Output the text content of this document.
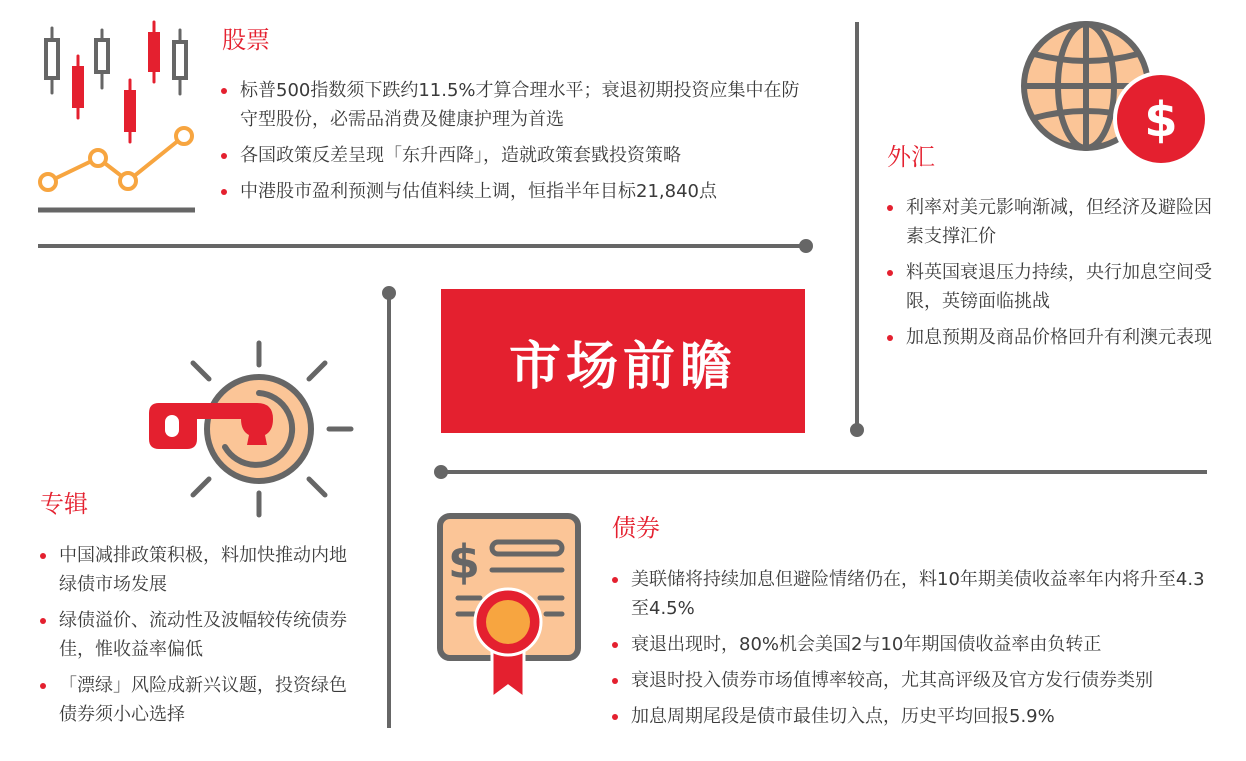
股票
标普500指数须下跌约11.5%才算合理水平；衰退初期投资应集中在防守型股份，必需品消费及健康护理为首选
各国政策反差呈现「东升西降」，造就政策套戥投资策略
中港股市盈利预测与估值料续上调，恒指半年目标21,840点
$
外汇
利率对美元影响渐减，但经济及避险因素支撑汇价
料英国衰退压力持续，央行加息空间受限，英镑面临挑战
加息预期及商品价格回升有利澳元表现
市场前瞻
专辑
中国减排政策积极，料加快推动内地绿债市场发展
绿债溢价、流动性及波幅较传统债券佳，惟收益率偏低
「漂绿」风险成新兴议题，投资绿色债券须小心选择
$
债券
美联储将持续加息但避险情绪仍在，料10年期美债收益率年内将升至4.3至4.5%
衰退出现时，80%机会美国2与10年期国债收益率由负转正
衰退时投入债券市场值博率较高，尤其高评级及官方发行债券类别
加息周期尾段是债市最佳切入点，历史平均回报5.9%
